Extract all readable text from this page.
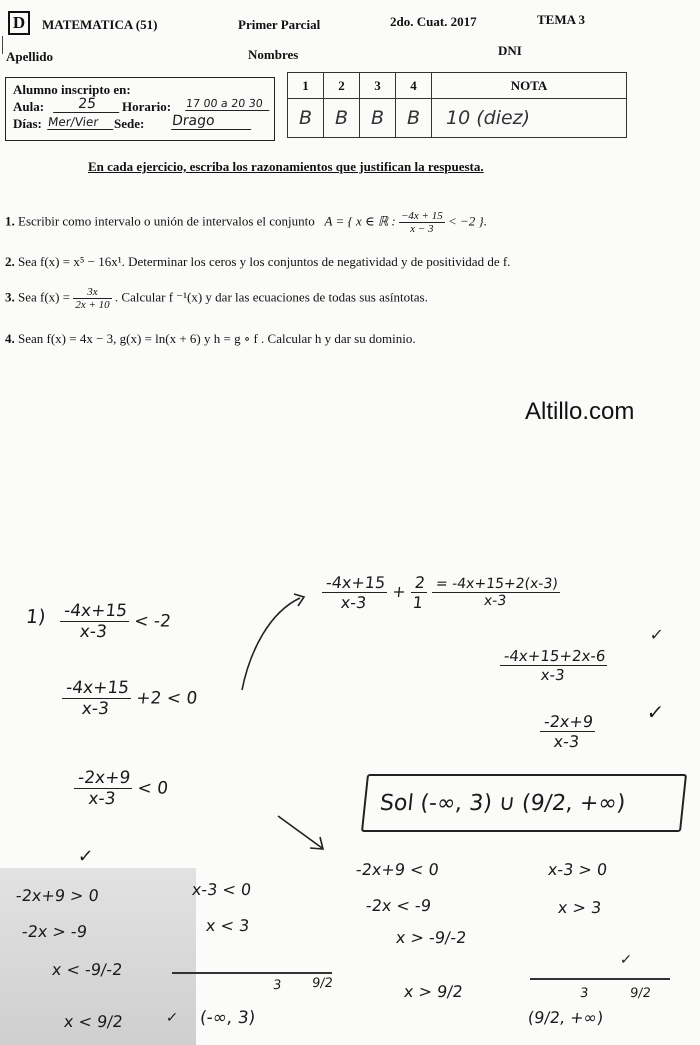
D	MATEMATICA (51)	Primer Parcial	2do. Cuat. 2017	TEMA 3
Apellido	Nombres	DNI
Alumno inscripto en:
Aula:	25	Horario: 17 00 a 20 30
Días: Mer/Vier	Sede: Drago
1	2	3	4	NOTA
B	B	B	B	10 (diez)
En cada ejercicio, escriba los razonamientos que justifican la respuesta.
1. Escribir como intervalo o unión de intervalos el conjunto A = { x ∈ ℝ : $\frac{-4x + 15}{x - 3} < -2$ }.
2. Sea f(x) = x⁵ − 16x¹. Determinar los ceros y los conjuntos de negatividad y de positividad de f.
3. Sea $f(x) = \frac{3x}{2x + 10}$ . Calcular f ⁻¹(x) y dar las ecuaciones de todas sus asíntotas.
4. Sean f(x) = 4x − 3, g(x) = ln(x + 6) y h = g ∘ f . Calcular h y dar su dominio.
Altillo.com
$1) \frac{-4x+15}{x-3} < -2$
$\frac{-4x+15}{x-3} +2 < 0$
$\frac{-2x+9}{x-3} < 0$
$\frac{-4x+15}{x-3} + \frac{2}{1}$
$\frac{= -4x+15+2(x-3)}{x-3}$
$\frac{-4x+15+2x-6}{x-3}$
$\frac{-2x+9}{x-3}$
✓
✓
Sol (-∞, 3) ∪ (9/2, +∞)
✓
-2x+9 > 0
-2x > -9
x < -9/-2
x < 9/2
x-3 < 0
x < 3
(-∞, 3)
✓
3 9/2
-2x+9 < 0
-2x < -9
x > -9/-2
x > 9/2
x-3 > 0
x > 3
(9/2, +∞)
✓
3	9/2
